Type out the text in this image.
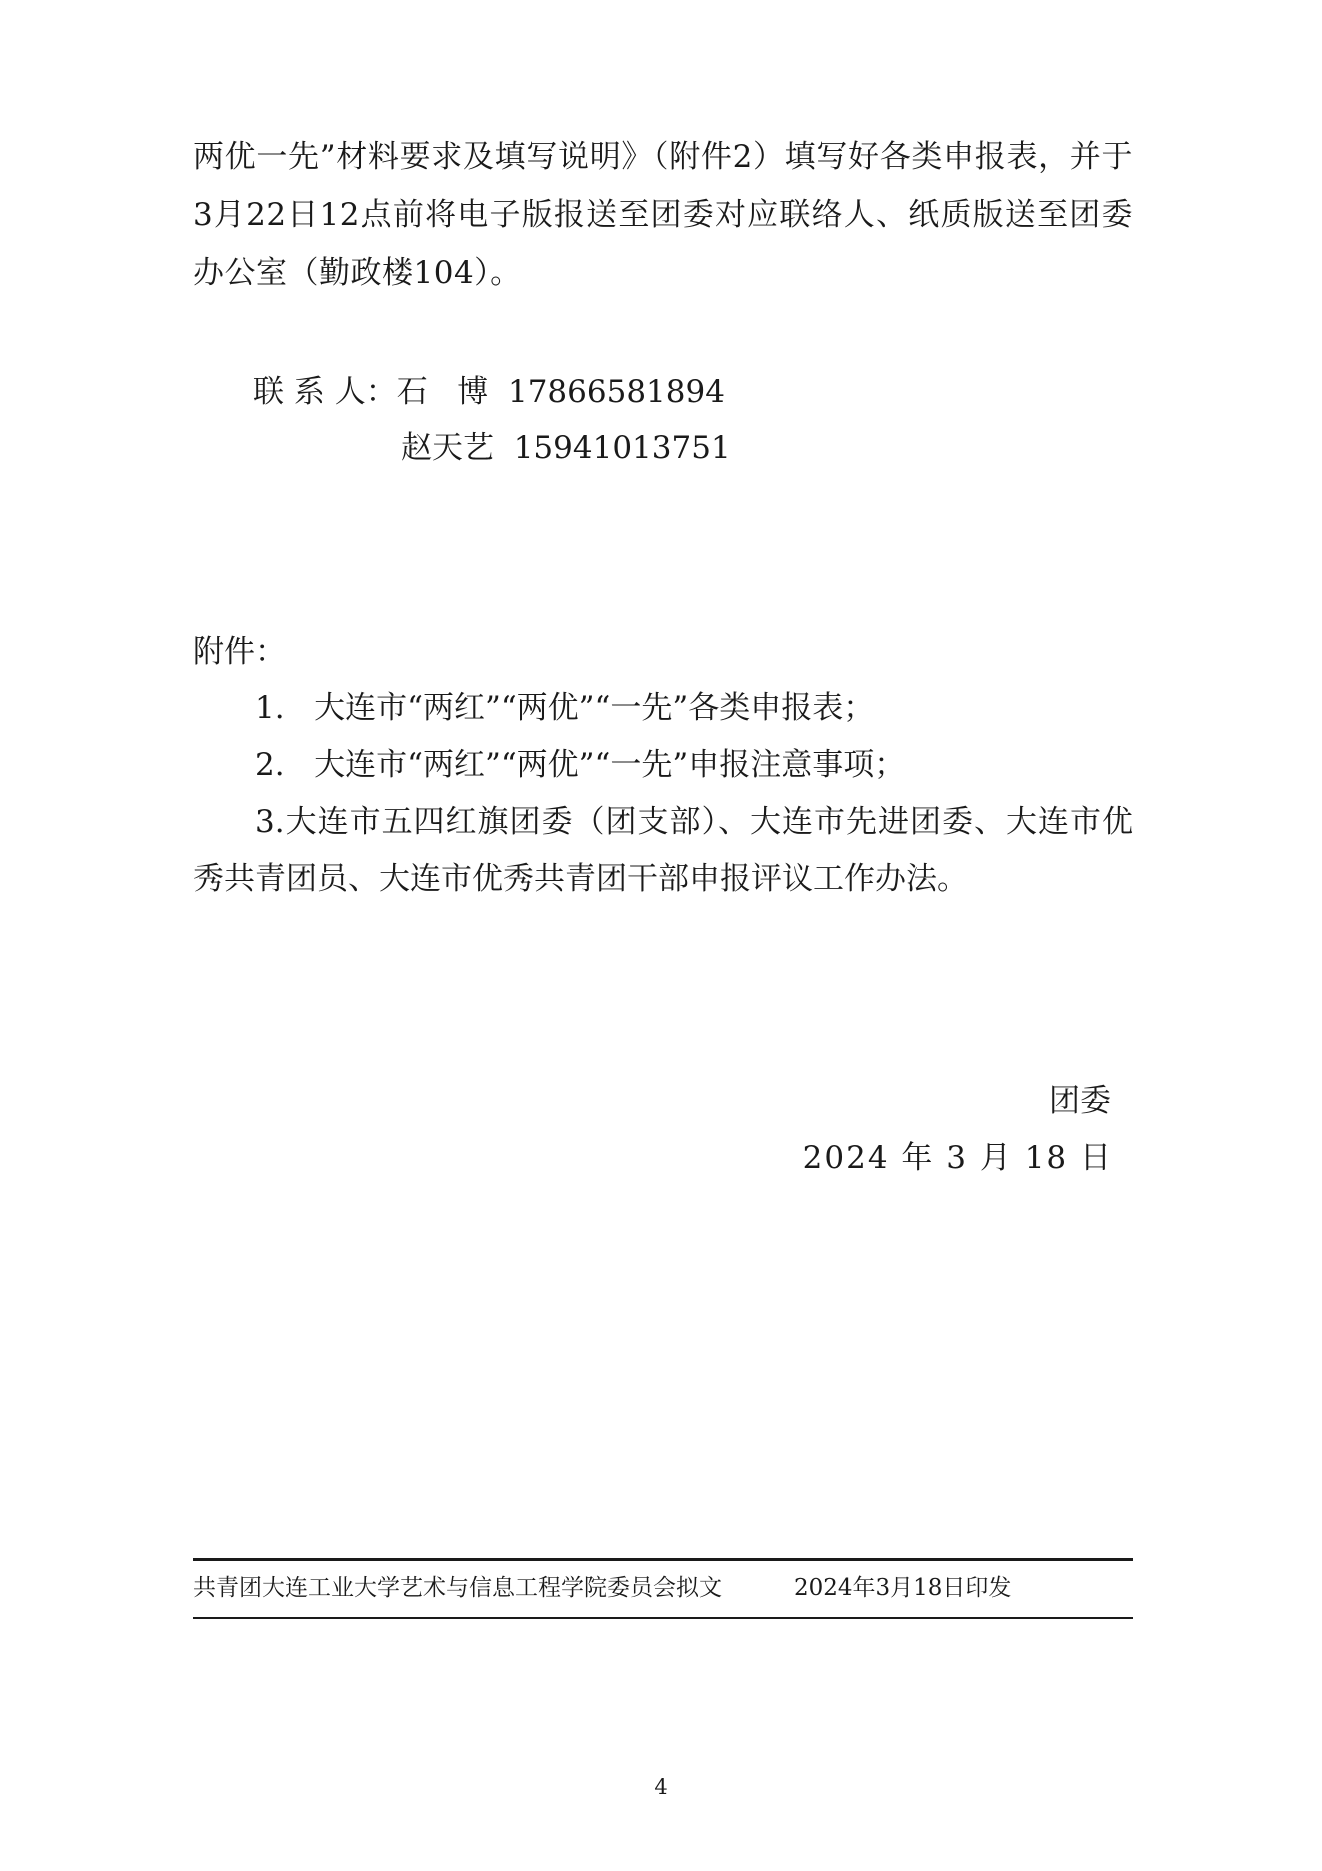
两优一先”材料要求及填写说明》（附件2）填写好各类申报表，并于3月22日12点前将电子版报送至团委对应联络人、纸质版送至团委办公室（勤政楼104）。

联 系 人：石   博  17866581894
赵天艺  15941013751
附件：
1.   大连市“两红”“两优”“一先”各类申报表；
2.   大连市“两红”“两优”“一先”申报注意事项；
3.大连市五四红旗团委（团支部）、大连市先进团委、大连市优秀共青团员、大连市优秀共青团干部申报评议工作办法。
团委
2024 年 3 月 18 日
共青团大连工业大学艺术与信息工程学院委员会拟文	2024年3月18日印发
4
